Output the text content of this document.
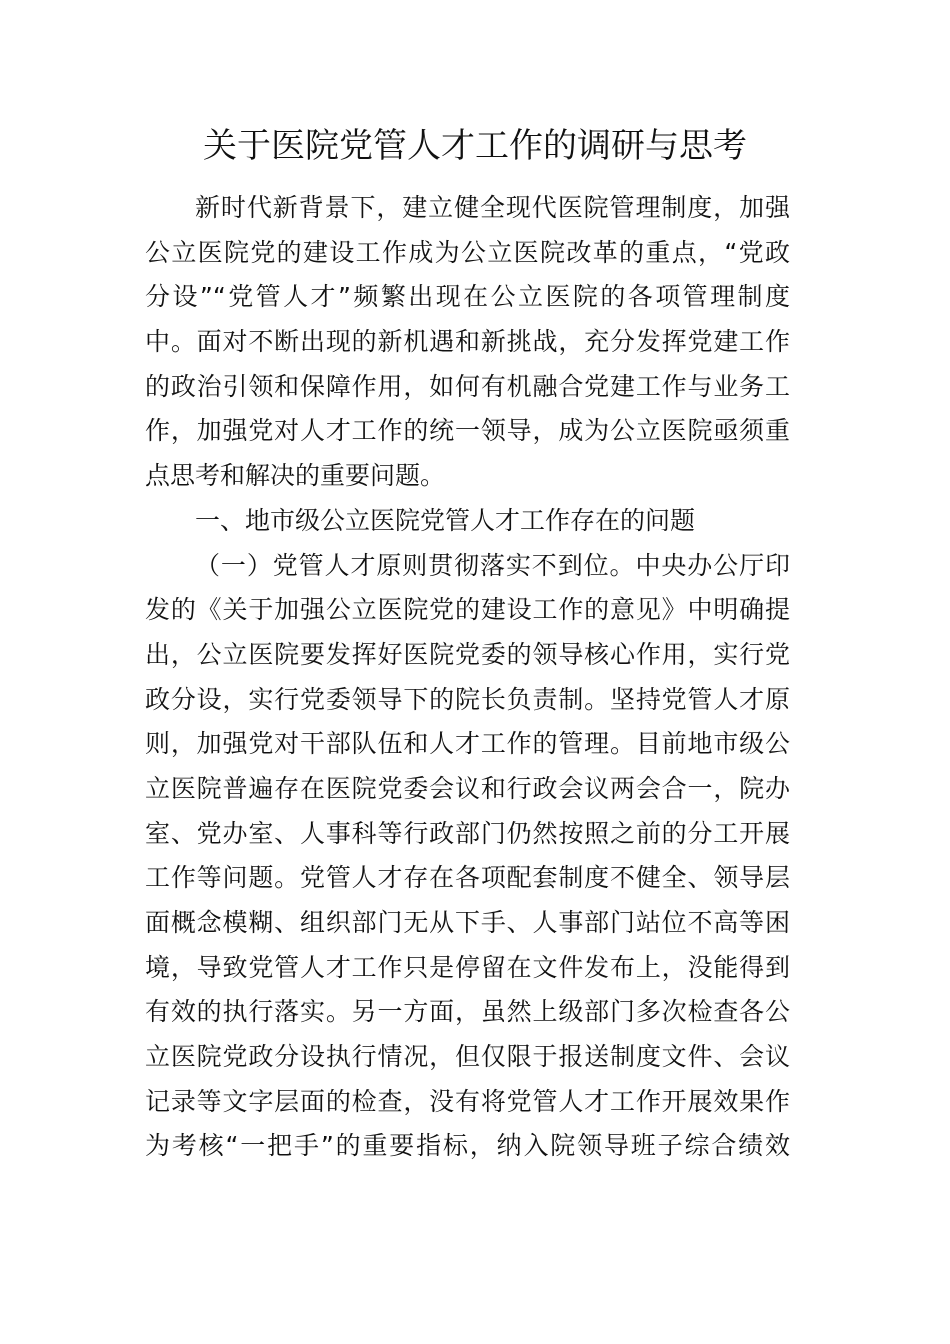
关于医院党管人才工作的调研与思考
新时代新背景下，建立健全现代医院管理制度，加强
公立医院党的建设工作成为公立医院改革的重点，“党政
分设”“党管人才”频繁出现在公立医院的各项管理制度
中。面对不断出现的新机遇和新挑战，充分发挥党建工作
的政治引领和保障作用，如何有机融合党建工作与业务工
作，加强党对人才工作的统一领导，成为公立医院亟须重
点思考和解决的重要问题。
一、地市级公立医院党管人才工作存在的问题
（一）党管人才原则贯彻落实不到位。中央办公厅印
发的《关于加强公立医院党的建设工作的意见》中明确提
出，公立医院要发挥好医院党委的领导核心作用，实行党
政分设，实行党委领导下的院长负责制。坚持党管人才原
则，加强党对干部队伍和人才工作的管理。目前地市级公
立医院普遍存在医院党委会议和行政会议两会合一，院办
室、党办室、人事科等行政部门仍然按照之前的分工开展
工作等问题。党管人才存在各项配套制度不健全、领导层
面概念模糊、组织部门无从下手、人事部门站位不高等困
境，导致党管人才工作只是停留在文件发布上，没能得到
有效的执行落实。另一方面，虽然上级部门多次检查各公
立医院党政分设执行情况，但仅限于报送制度文件、会议
记录等文字层面的检查，没有将党管人才工作开展效果作
为考核“一把手”的重要指标，纳入院领导班子综合绩效
